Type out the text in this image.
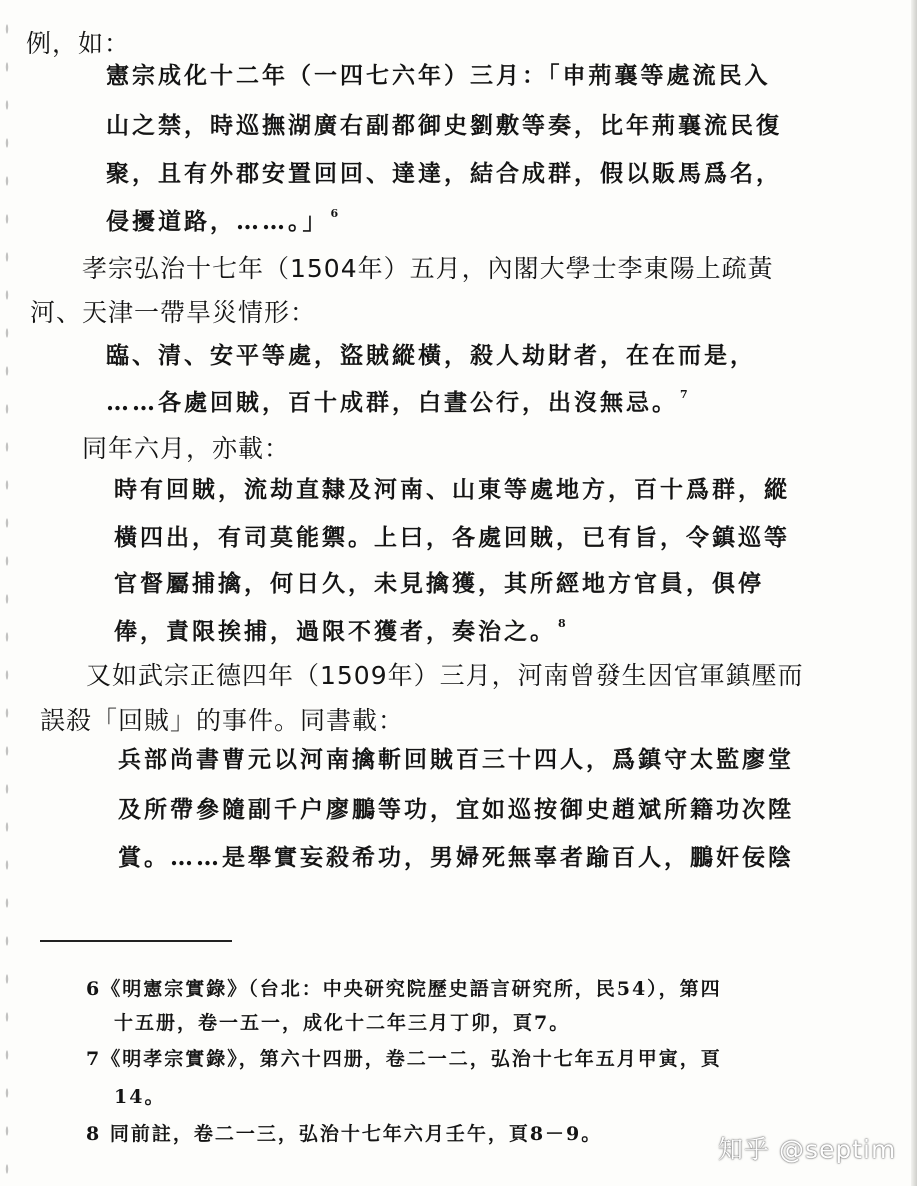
例，如：
憲宗成化十二年（一四七六年）三月：「申荊襄等處流民入
山之禁，時巡撫湖廣右副都御史劉敷等奏，比年荊襄流民復
聚，且有外郡安置回回、達達，結合成群，假以販馬爲名，
侵擾道路，……。」 $^6$
孝宗弘治十七年（1504年）五月，內閣大學士李東陽上疏黃
河、天津一帶旱災情形：
臨、清、安平等處，盜賊縱橫，殺人劫財者，在在而是，
……各處回賊，百十成群，白晝公行，出沒無忌。 $^7$
同年六月，亦載：
時有回賊，流劫直隸及河南、山東等處地方，百十爲群，縱
橫四出，有司莫能禦。上曰，各處回賊，已有旨，令鎮巡等
官督屬捕擒，何日久，未見擒獲，其所經地方官員，俱停
俸，責限挨捕，過限不獲者，奏治之。 $^8$
又如武宗正德四年（1509年）三月，河南曾發生因官軍鎮壓而
誤殺「回賊」的事件。同書載：
兵部尚書曹元以河南擒斬回賊百三十四人，爲鎮守太監廖堂
及所帶參隨副千户廖鵬等功，宜如巡按御史趙斌所籍功次陞
賞。……是舉實妄殺希功，男婦死無辜者踰百人，鵬奸佞陰
6《明憲宗實錄》（台北：中央研究院歷史語言研究所，民54），第四
十五册，卷一五一，成化十二年三月丁卯，頁7。
7《明孝宗實錄》，第六十四册，卷二一二，弘治十七年五月甲寅，頁
14。
8 同前註，卷二一三，弘治十七年六月壬午，頁8－9。
知乎 @septim
